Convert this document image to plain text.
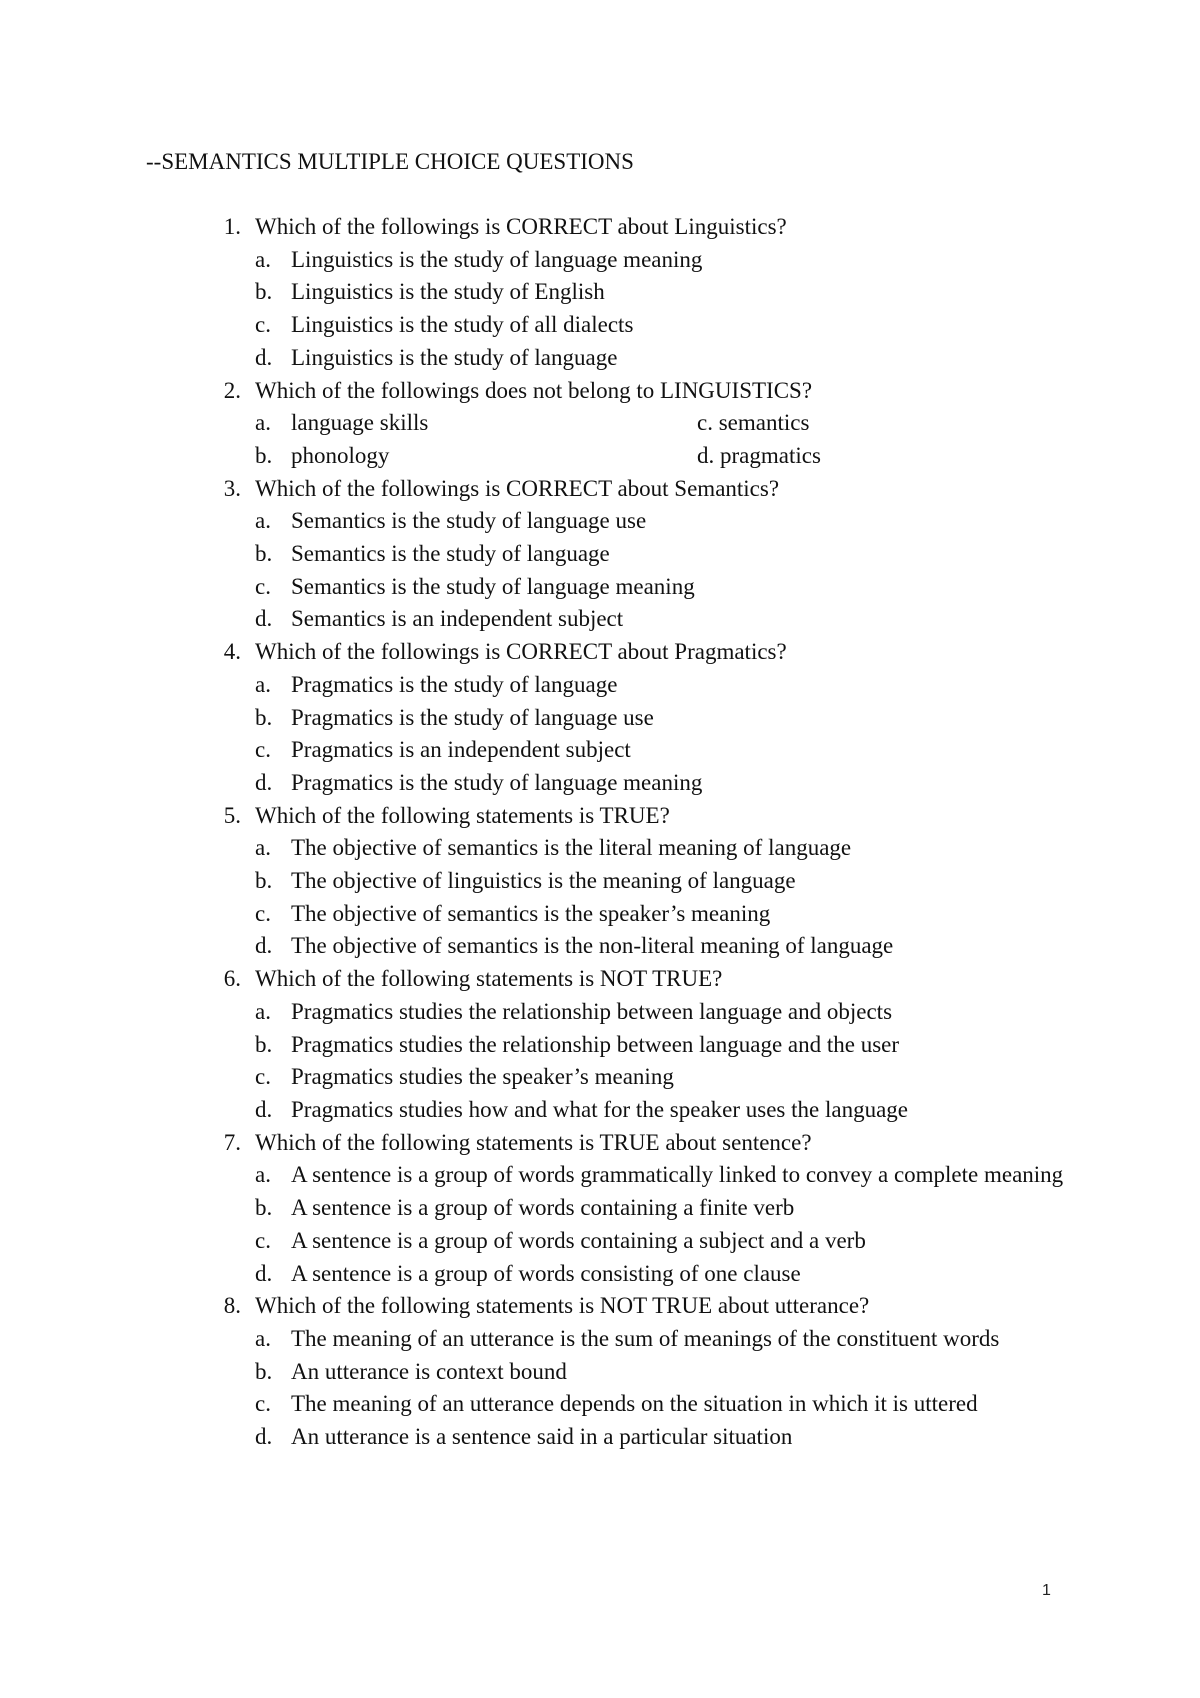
--SEMANTICS MULTIPLE CHOICE QUESTIONS
1. Which of the followings is CORRECT about Linguistics?
a. Linguistics is the study of language meaning
b. Linguistics is the study of English
c. Linguistics is the study of all dialects
d. Linguistics is the study of language
2. Which of the followings does not belong to LINGUISTICS?
a. language skills	c. semantics
b. phonology	d. pragmatics
3. Which of the followings is CORRECT about Semantics?
a. Semantics is the study of language use
b. Semantics is the study of language
c. Semantics is the study of language meaning
d. Semantics is an independent subject
4. Which of the followings is CORRECT about Pragmatics?
a. Pragmatics is the study of language
b. Pragmatics is the study of language use
c. Pragmatics is an independent subject
d. Pragmatics is the study of language meaning
5. Which of the following statements is TRUE?
a. The objective of semantics is the literal meaning of language
b. The objective of linguistics is the meaning of language
c. The objective of semantics is the speaker’s meaning
d. The objective of semantics is the non-literal meaning of language
6. Which of the following statements is NOT TRUE?
a. Pragmatics studies the relationship between language and objects
b. Pragmatics studies the relationship between language and the user
c. Pragmatics studies the speaker’s meaning
d. Pragmatics studies how and what for the speaker uses the language
7. Which of the following statements is TRUE about sentence?
a. A sentence is a group of words grammatically linked to convey a complete meaning
b. A sentence is a group of words containing a finite verb
c. A sentence is a group of words containing a subject and a verb
d. A sentence is a group of words consisting of one clause
8. Which of the following statements is NOT TRUE about utterance?
a. The meaning of an utterance is the sum of meanings of the constituent words
b. An utterance is context bound
c. The meaning of an utterance depends on the situation in which it is uttered
d. An utterance is a sentence said in a particular situation
1
